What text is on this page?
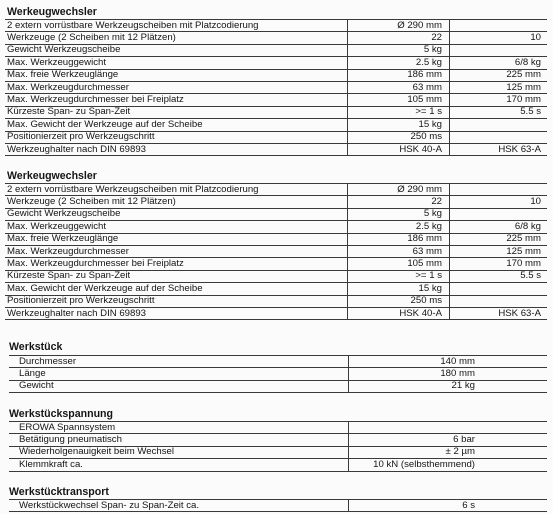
Werkeugwechsler
2 extern vorrüstbare Werkzeugscheiben mit Platzcodierung	Ø 290 mm
Werkzeuge (2 Scheiben mit 12 Plätzen)	22	10
Gewicht Werkzeugscheibe	5 kg
Max. Werkzeuggewicht	2.5 kg	6/8 kg
Max. freie Werkzeuglänge	186 mm	225 mm
Max. Werkzeugdurchmesser	63 mm	125 mm
Max. Werkzeugdurchmesser bei Freiplatz	105 mm	170 mm
Kürzeste Span- zu Span-Zeit	>= 1 s	5.5 s
Max. Gewicht der Werkzeuge auf der Scheibe	15 kg
Positionierzeit pro Werkzeugschritt	250 ms
Werkzeughalter nach DIN 69893	HSK 40-A	HSK 63-A
Werkeugwechsler
2 extern vorrüstbare Werkzeugscheiben mit Platzcodierung	Ø 290 mm
Werkzeuge (2 Scheiben mit 12 Plätzen)	22	10
Gewicht Werkzeugscheibe	5 kg
Max. Werkzeuggewicht	2.5 kg	6/8 kg
Max. freie Werkzeuglänge	186 mm	225 mm
Max. Werkzeugdurchmesser	63 mm	125 mm
Max. Werkzeugdurchmesser bei Freiplatz	105 mm	170 mm
Kürzeste Span- zu Span-Zeit	>= 1 s	5.5 s
Max. Gewicht der Werkzeuge auf der Scheibe	15 kg
Positionierzeit pro Werkzeugschritt	250 ms
Werkzeughalter nach DIN 69893	HSK 40-A	HSK 63-A
Werkstück
Durchmesser	140 mm
Länge	180 mm
Gewicht	21 kg
Werkstückspannung
EROWA Spannsystem
Betätigung pneumatisch	6 bar
Wiederholgenauigkeit beim Wechsel	± 2 µm
Klemmkraft ca.	10 kN (selbsthemmend)
Werkstücktransport
Werkstückwechsel Span- zu Span-Zeit ca.	6 s
